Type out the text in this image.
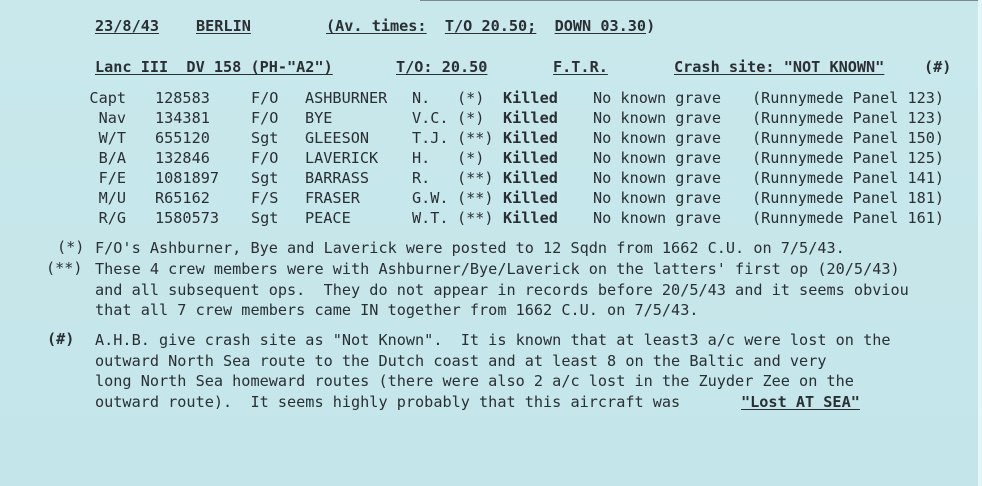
23/8/43 BERLIN	(Av. times: T/O 20.50; DOWN 03.30)
Lanc III  DV 158 (PH-"A2")	T/O: 20.50	F.T.R.	Crash site: "NOT KNOWN"	(#)
Capt 128583	F/O ASHBURNER N. (*) Killed No known grave (Runnymede Panel 123)
Nav 134381	F/O BYE	V.C. (*) Killed No known grave (Runnymede Panel 123)
W/T 655120	Sgt GLEESON	T.J. (**) Killed No known grave (Runnymede Panel 150)
B/A 132846	F/O LAVERICK H. (*) Killed No known grave (Runnymede Panel 125)
F/E 1081897 Sgt BARRASS	R. (**) Killed No known grave (Runnymede Panel 141)
M/U R65162	F/S FRASER	G.W. (**) Killed No known grave (Runnymede Panel 181)
R/G 1580573 Sgt PEACE	W.T. (**) Killed No known grave (Runnymede Panel 161)
(*) F/O's Ashburner, Bye and Laverick were posted to 12 Sqdn from 1662 C.U. on 7/5/43.
(**) These 4 crew members were with Ashburner/Bye/Laverick on the latters' first op (20/5/43)
and all subsequent ops.  They do not appear in records before 20/5/43 and it seems obviou
that all 7 crew members came IN together from 1662 C.U. on 7/5/43.
(#) A.H.B. give crash site as "Not Known".  It is known that at least3 a/c were lost on the
outward North Sea route to the Dutch coast and at least 8 on the Baltic and very
long North Sea homeward routes (there were also 2 a/c lost in the Zuyder Zee on the
outward route).  It seems highly probably that this aircraft was	"Lost AT SEA"
